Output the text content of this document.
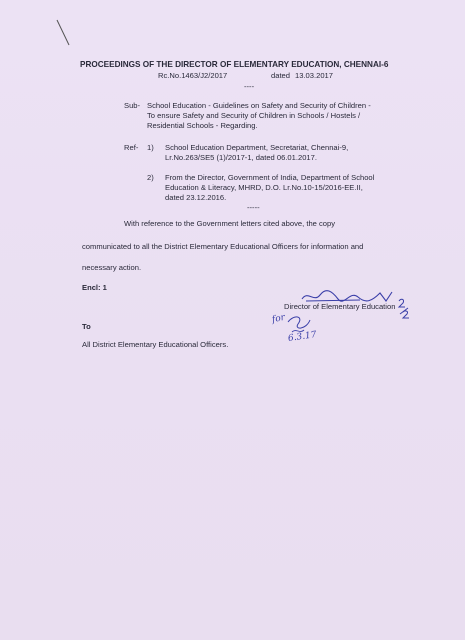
PROCEEDINGS OF THE DIRECTOR OF ELEMENTARY EDUCATION, CHENNAI-6
Rc.No.1463/J2/2017	dated 13.03.2017
----
Sub- School Education - Guidelines on Safety and Security of Children -
To ensure Safety and Security of Children in Schools / Hostels /
Residential Schools - Regarding.
Ref- 1) School Education Department, Secretariat, Chennai-9,
Lr.No.263/SE5 (1)/2017-1, dated 06.01.2017.
2) From the Director, Government of India, Department of School
Education & Literacy, MHRD, D.O. Lr.No.10-15/2016-EE.II,
dated 23.12.2016.
-----
With reference to the Government letters cited above, the copy
communicated to all the District Elementary Educational Officers for information and
necessary action.
Encl: 1
Director of Elementary Education
for
6.3.17
To
All District Elementary Educational Officers.
